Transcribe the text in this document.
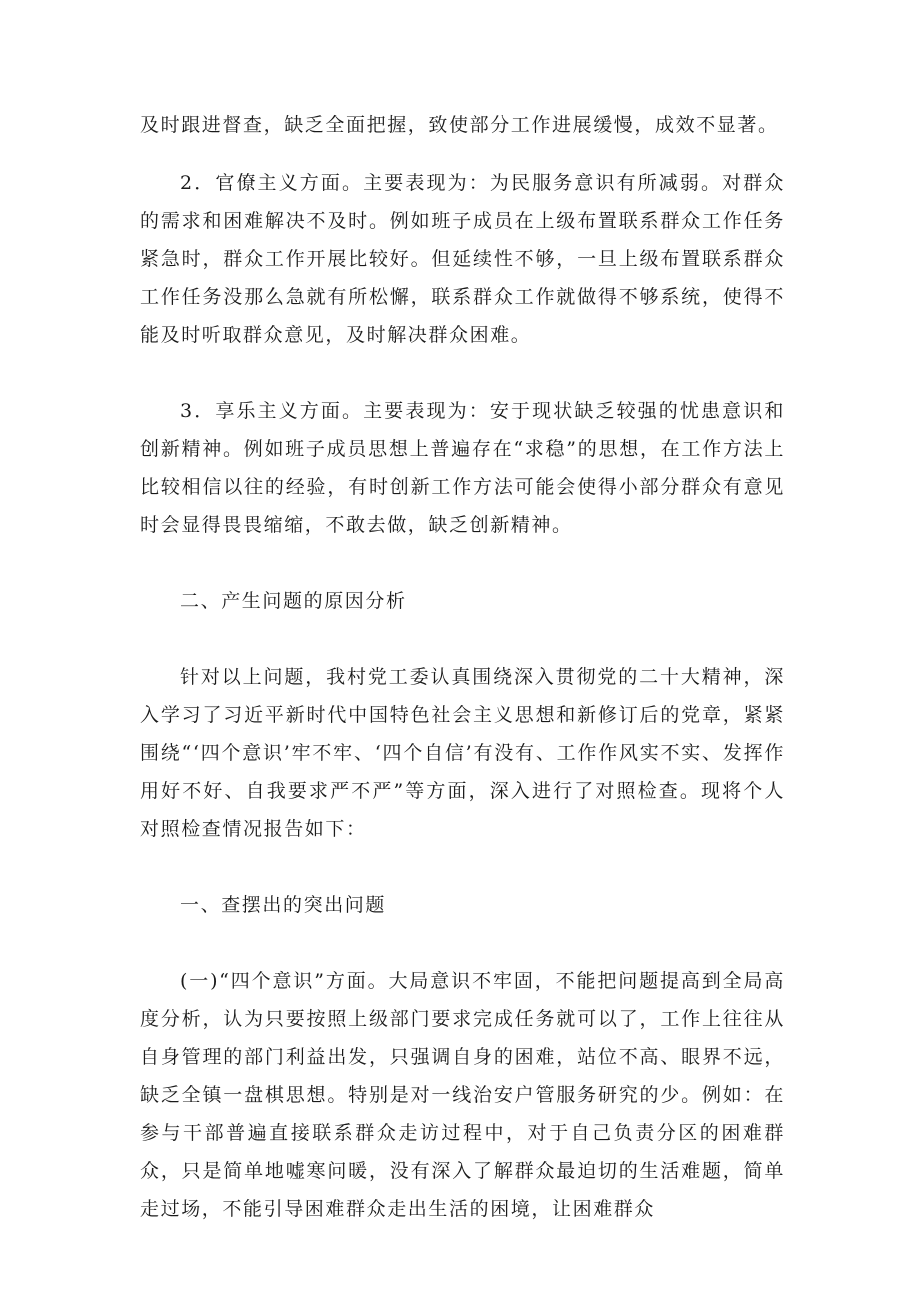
及时跟进督查，缺乏全面把握，致使部分工作进展缓慢，成效不显著。

2．官僚主义方面。主要表现为：为民服务意识有所减弱。对群众的需求和困难解决不及时。例如班子成员在上级布置联系群众工作任务紧急时，群众工作开展比较好。但延续性不够，一旦上级布置联系群众工作任务没那么急就有所松懈，联系群众工作就做得不够系统，使得不能及时听取群众意见，及时解决群众困难。

3．享乐主义方面。主要表现为：安于现状缺乏较强的忧患意识和创新精神。例如班子成员思想上普遍存在“求稳”的思想，在工作方法上比较相信以往的经验，有时创新工作方法可能会使得小部分群众有意见时会显得畏畏缩缩，不敢去做，缺乏创新精神。

二、产生问题的原因分析

针对以上问题，我村党工委认真围绕深入贯彻党的二十大精神，深入学习了习近平新时代中国特色社会主义思想和新修订后的党章，紧紧围绕“‘四个意识’牢不牢、‘四个自信’有没有、工作作风实不实、发挥作用好不好、自我要求严不严”等方面，深入进行了对照检查。现将个人对照检查情况报告如下：

一、查摆出的突出问题

(一)“四个意识”方面。大局意识不牢固，不能把问题提高到全局高度分析，认为只要按照上级部门要求完成任务就可以了，工作上往往从自身管理的部门利益出发，只强调自身的困难，站位不高、眼界不远，缺乏全镇一盘棋思想。特别是对一线治安户管服务研究的少。例如：在参与干部普遍直接联系群众走访过程中，对于自己负责分区的困难群众，只是简单地嘘寒问暖，没有深入了解群众最迫切的生活难题，简单走过场，不能引导困难群众走出生活的困境，让困难群众
